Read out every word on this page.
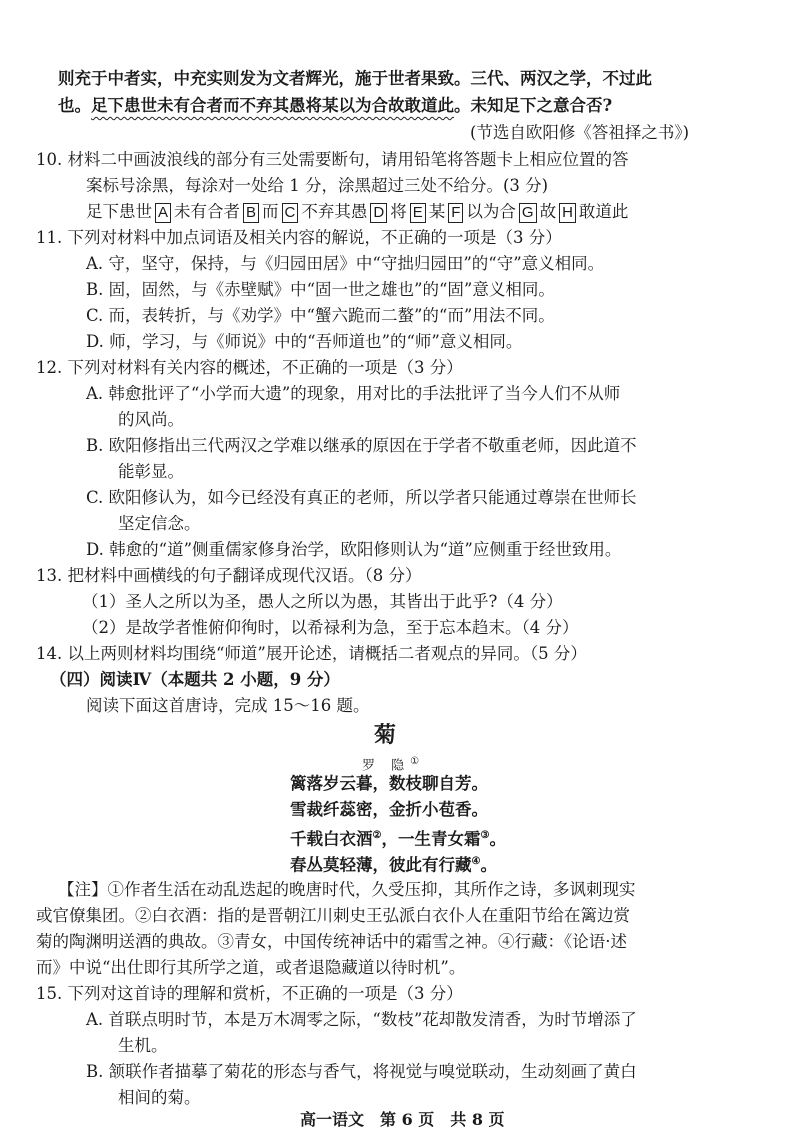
则充于中者实，中充实则发为文者辉光，施于世者果致。三代、两汉之学，不过此
也。足下患世未有合者而不弃其愚将某以为合故敢道此。未知足下之意合否?
(节选自欧阳修《答祖择之书》)
10. 材料二中画波浪线的部分有三处需要断句，请用铅笔将答题卡上相应位置的答
案标号涂黑，每涂对一处给 1 分，涂黑超过三处不给分。(3 分)
足下患世 A 未有合者 B 而 C 不弃其愚 D 将 E 某 F 以为合 G 故 H 敢道此
11. 下列对材料中加点词语及相关内容的解说，不正确的一项是（3 分）
A. 守，坚守，保持，与《归园田居》中“守拙归园田”的“守”意义相同。
B. 固，固然，与《赤壁赋》中“固一世之雄也”的“固”意义相同。
C. 而，表转折，与《劝学》中“蟹六跪而二螯”的“而”用法不同。
D. 师，学习，与《师说》中的“吾师道也”的“师”意义相同。
12. 下列对材料有关内容的概述，不正确的一项是（3 分）
A. 韩愈批评了“小学而大遗”的现象，用对比的手法批评了当今人们不从师
的风尚。
B. 欧阳修指出三代两汉之学难以继承的原因在于学者不敬重老师，因此道不
能彰显。
C. 欧阳修认为，如今已经没有真正的老师，所以学者只能通过尊崇在世师长
坚定信念。
D. 韩愈的“道”侧重儒家修身治学，欧阳修则认为“道”应侧重于经世致用。
13. 把材料中画横线的句子翻译成现代汉语。（8 分）
（1）圣人之所以为圣，愚人之所以为愚，其皆出于此乎?（4 分）
（2）是故学者惟俯仰徇时，以希禄利为急，至于忘本趋末。（4 分）
14. 以上两则材料均围绕“师道”展开论述，请概括二者观点的异同。（5 分）
（四）阅读Ⅳ（本题共 2 小题，9 分）
阅读下面这首唐诗，完成 15～16 题。
菊
罗 隐①
篱落岁云暮，数枝聊自芳。
雪裁纤蕊密，金折小苞香。
千载白衣酒②，一生青女霜③。
春丛莫轻薄，彼此有行藏④。
【注】①作者生活在动乱迭起的晚唐时代，久受压抑，其所作之诗，多讽刺现实
或官僚集团。②白衣酒：指的是晋朝江川刺史王弘派白衣仆人在重阳节给在篱边赏
菊的陶渊明送酒的典故。③青女，中国传统神话中的霜雪之神。④行藏：《论语·述
而》中说“出仕即行其所学之道，或者退隐藏道以待时机”。
15. 下列对这首诗的理解和赏析，不正确的一项是（3 分）
A. 首联点明时节，本是万木凋零之际，“数枝”花却散发清香，为时节增添了
生机。
B. 颔联作者描摹了菊花的形态与香气，将视觉与嗅觉联动，生动刻画了黄白
相间的菊。
高一语文　第 6 页　共 8 页
